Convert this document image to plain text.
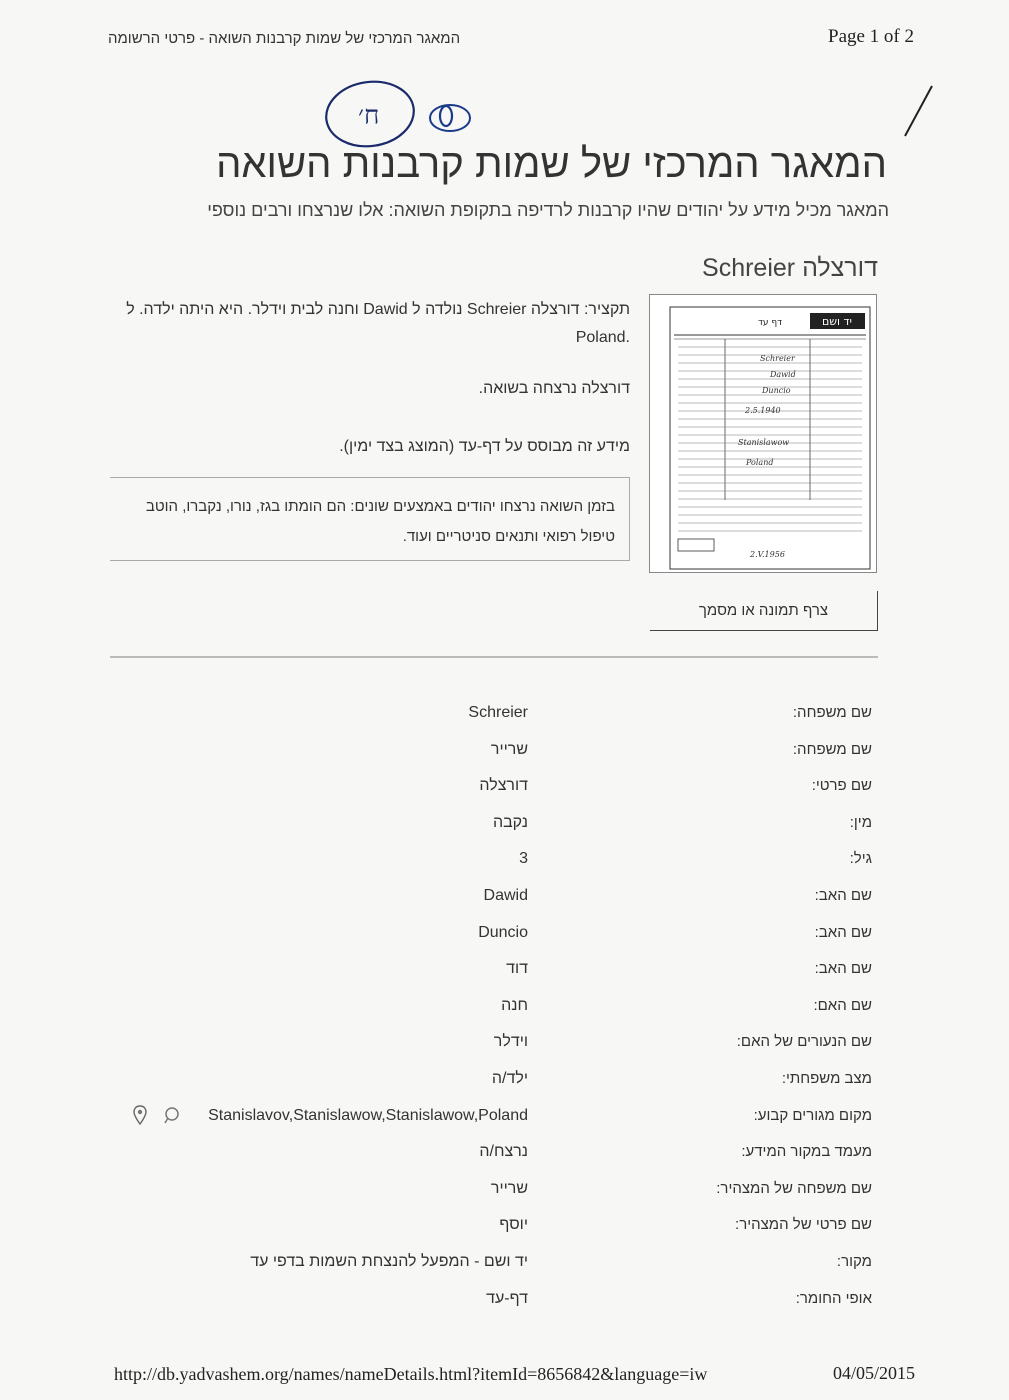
המאגר המרכזי של שמות קרבנות השואה - פרטי הרשומה	Page 1 of 2
ח׳
המאגר המרכזי של שמות קרבנות השואה
המאגר מכיל מידע על יהודים שהיו קרבנות לרדיפה בתקופת השואה: אלו שנרצחו ורבים נוספי
דורצלה Schreier

תקציר: דורצלה Schreier נולדה ל Dawid וחנה לבית וידלר. היא היתה ילדה. ל

.Poland

דורצלה נרצחה בשואה.
מידע זה מבוסס על דף-עד (המוצג בצד ימין).
בזמן השואה נרצחו יהודים באמצעים שונים: הם הומתו בגז, נורו, נקברו, הוטב
טיפול רפואי ותנאים סניטריים ועוד.
יד ושם
דף עד
Schreier
Dawid
Duncio
2.5.1940
Stanislawow
Poland
2.V.1956
צרף תמונה או מסמך
שם משפחה:
Schreier
שם משפחה:
שרייר
שם פרטי:
דורצלה
מין:
נקבה
גיל:
3
שם האב:
Dawid
שם האב:
Duncio
שם האב:
דוד
שם האם:
חנה
שם הנעורים של האם:
וידלר
מצב משפחתי:
ילד/ה
מקום מגורים קבוע:
Stanislavov,Stanislawow,Stanislawow,Poland
מעמד במקור המידע:
נרצח/ה
שם משפחה של המצהיר:
שרייר
שם פרטי של המצהיר:
יוסף
מקור:
יד ושם - המפעל להנצחת השמות בדפי עד
אופי החומר:
דף-עד
http://db.yadvashem.org/names/nameDetails.html?itemId=8656842&language=iw	04/05/2015
